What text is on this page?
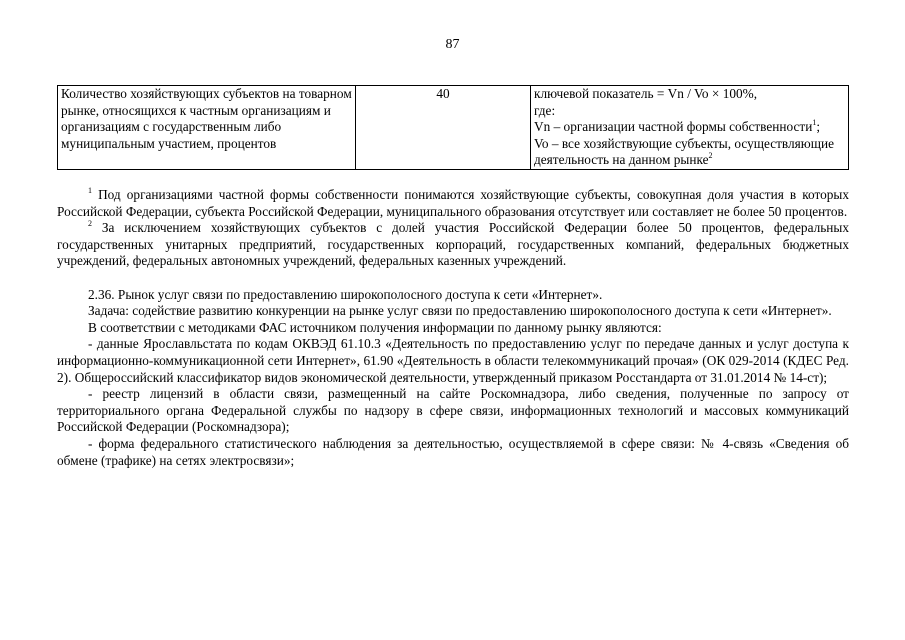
87
Количество хозяйствующих субъектов на товарном рынке, относящихся к частным организациям и организациям с государственным либо муниципальным участием, процентов	40	ключевой показатель = Vn / Vo × 100%,
где:
Vn – организации частной формы собственности$^1$;
Vo – все хозяйствующие субъекты, осуществляющие деятельность на данном рынке$^2$

$^1$ Под организациями частной формы собственности понимаются хозяйствующие субъекты, совокупная доля участия в которых Российской Федерации, субъекта Российской Федерации, муниципального образования отсутствует или составляет не более 50 процентов.

$^2$ За исключением хозяйствующих субъектов с долей участия Российской Федерации более 50 процентов, федеральных государственных унитарных предприятий, государственных корпораций, государственных компаний, федеральных бюджетных учреждений, федеральных автономных учреждений, федеральных казенных учреждений.

2.36. Рынок услуг связи по предоставлению широкополосного доступа к сети «Интернет».

Задача: содействие развитию конкуренции на рынке услуг связи по предоставлению широкополосного доступа к сети «Интернет».

В соответствии с методиками ФАС источником получения информации по данному рынку являются:

- данные Ярославльстата по кодам ОКВЭД 61.10.3 «Деятельность по предоставлению услуг по передаче данных и услуг доступа к информационно-коммуникационной сети Интернет», 61.90 «Деятельность в области телекоммуникаций прочая» (ОК 029-2014 (КДЕС Ред. 2). Общероссийский классификатор видов экономической деятельности, утвержденный приказом Росстандарта от 31.01.2014 № 14-ст);

- реестр лицензий в области связи, размещенный на сайте Роскомнадзора, либо сведения, полученные по запросу от территориального органа Федеральной службы по надзору в сфере связи, информационных технологий и массовых коммуникаций Российской Федерации (Роскомнадзора);

- форма федерального статистического наблюдения за деятельностью, осуществляемой в сфере связи: № 4-связь «Сведения об обмене (трафике) на сетях электросвязи»;
